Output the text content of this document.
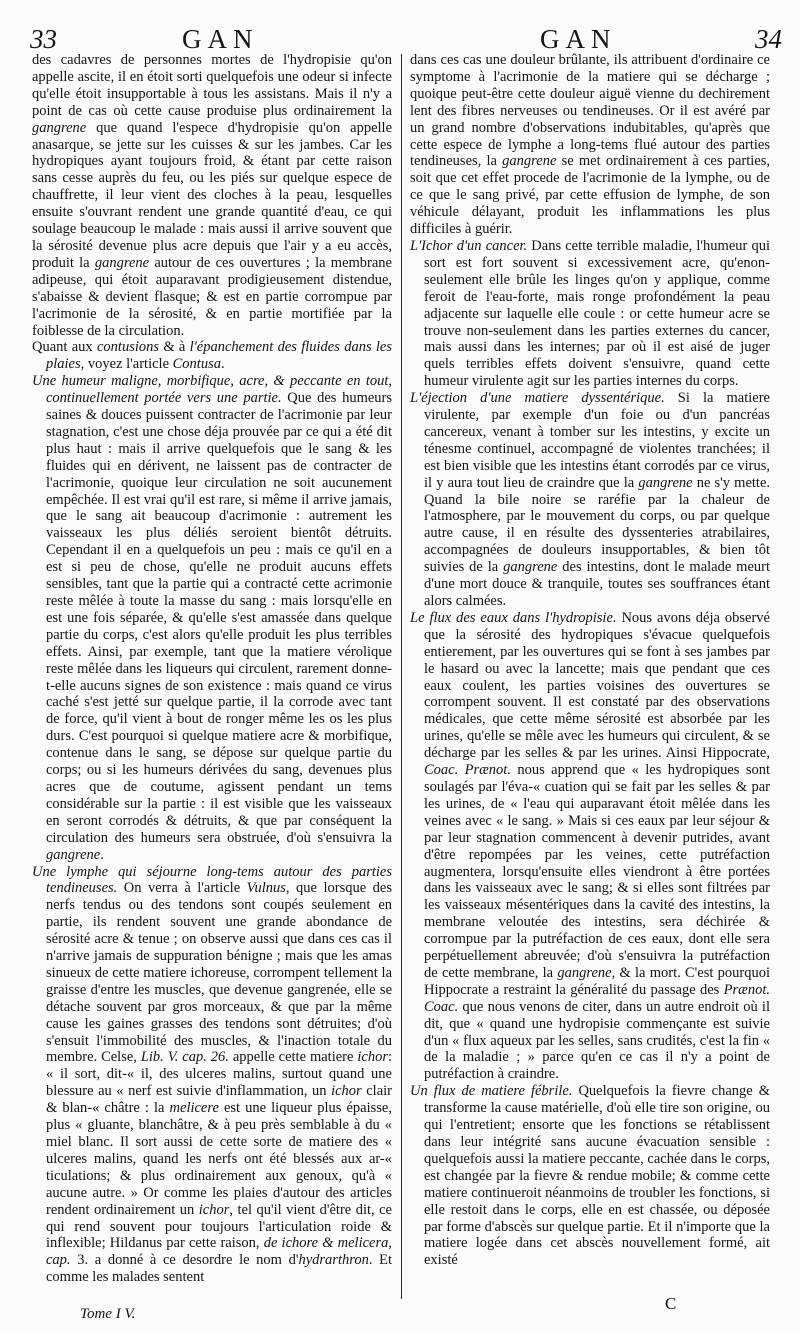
33	GAN	GAN	34

des cadavres de personnes mortes de l'hydropisie qu'on appelle ascite, il en étoit sorti quelquefois une odeur si infecte qu'elle étoit insupportable à tous les assistans. Mais il n'y a point de cas où cette cause produise plus ordinairement la gangrene que quand l'espece d'hydropisie qu'on appelle anasarque, se jette sur les cuisses & sur les jambes. Car les hydropiques ayant toujours froid, & étant par cette raison sans cesse auprès du feu, ou les piés sur quelque espece de chauffrette, il leur vient des cloches à la peau, lesquelles ensuite s'ouvrant rendent une grande quantité d'eau, ce qui soulage beaucoup le malade : mais aussi il arrive souvent que la sérosité devenue plus acre depuis que l'air y a eu accès, produit la gangrene autour de ces ouvertures ; la membrane adipeuse, qui étoit auparavant prodigieusement distendue, s'abaisse & devient flasque; & est en partie corrompue par l'acrimonie de la sérosité, & en partie mortifiée par la foiblesse de la circulation.

Quant aux contusions & à l'épanchement des fluides dans les plaies, voyez l'article Contusa.

Une humeur maligne, morbifique, acre, & peccante en tout, continuellement portée vers une partie. Que des humeurs saines & douces puissent contracter de l'acrimonie par leur stagnation, c'est une chose déja prouvée par ce qui a été dit plus haut : mais il arrive quelquefois que le sang & les fluides qui en dérivent, ne laissent pas de contracter de l'acrimonie, quoique leur circulation ne soit aucunement empêchée. Il est vrai qu'il est rare, si même il arrive jamais, que le sang ait beaucoup d'acrimonie : autrement les vaisseaux les plus déliés seroient bientôt détruits. Cependant il en a quelquefois un peu : mais ce qu'il en a est si peu de chose, qu'elle ne produit aucuns effets sensibles, tant que la partie qui a contracté cette acrimonie reste mêlée à toute la masse du sang : mais lorsqu'elle en est une fois séparée, & qu'elle s'est amassée dans quelque partie du corps, c'est alors qu'elle produit les plus terribles effets. Ainsi, par exemple, tant que la matiere vérolique reste mêlée dans les liqueurs qui circulent, rarement donne-t-elle aucuns signes de son existence : mais quand ce virus caché s'est jetté sur quelque partie, il la corrode avec tant de force, qu'il vient à bout de ronger même les os les plus durs. C'est pourquoi si quelque matiere acre & morbifique, contenue dans le sang, se dépose sur quelque partie du corps; ou si les humeurs dérivées du sang, devenues plus acres que de coutume, agissent pendant un tems considérable sur la partie : il est visible que les vaisseaux en seront corrodés & détruits, & que par conséquent la circulation des humeurs sera obstruée, d'où s'ensuivra la gangrene.

Une lymphe qui séjourne long-tems autour des parties tendineuses. On verra à l'article Vulnus, que lorsque des nerfs tendus ou des tendons sont coupés seulement en partie, ils rendent souvent une grande abondance de sérosité acre & tenue ; on observe aussi que dans ces cas il n'arrive jamais de suppuration bénigne ; mais que les amas sinueux de cette matiere ichoreuse, corrompent tellement la graisse d'entre les muscles, que devenue gangrenée, elle se détache souvent par gros morceaux, & que par la même cause les gaines grasses des tendons sont détruites; d'où s'ensuit l'immobilité des muscles, & l'inaction totale du membre. Celse, Lib. V. cap. 26. appelle cette matiere ichor: « il sort, dit-« il, des ulceres malins, surtout quand une blessure au « nerf est suivie d'inflammation, un ichor clair & blan-« châtre : la melicere est une liqueur plus épaisse, plus « gluante, blanchâtre, & à peu près semblable à du « miel blanc. Il sort aussi de cette sorte de matiere des « ulceres malins, quand les nerfs ont été blessés aux ar-« ticulations; & plus ordinairement aux genoux, qu'à « aucune autre. » Or comme les plaies d'autour des articles rendent ordinairement un ichor, tel qu'il vient d'être dit, ce qui rend souvent pour toujours l'articulation roide & inflexible; Hildanus par cette raison, de ichore & melicera, cap. 3. a donné à ce desordre le nom d'hydrarthron. Et comme les malades sentent

dans ces cas une douleur brûlante, ils attribuent d'ordinaire ce symptome à l'acrimonie de la matiere qui se décharge ; quoique peut-être cette douleur aiguë vienne du dechirement lent des fibres nerveuses ou tendineuses. Or il est avéré par un grand nombre d'observations indubitables, qu'après que cette espece de lymphe a long-tems flué autour des parties tendineuses, la gangrene se met ordinairement à ces parties, soit que cet effet procede de l'acrimonie de la lymphe, ou de ce que le sang privé, par cette effusion de lymphe, de son véhicule délayant, produit les inflammations les plus difficiles à guérir.

L'Ichor d'un cancer. Dans cette terrible maladie, l'humeur qui sort est fort souvent si excessivement acre, qu'enon-seulement elle brûle les linges qu'on y applique, comme feroit de l'eau-forte, mais ronge profondément la peau adjacente sur laquelle elle coule : or cette humeur acre se trouve non-seulement dans les parties externes du cancer, mais aussi dans les internes; par où il est aisé de juger quels terribles effets doivent s'ensuivre, quand cette humeur virulente agit sur les parties internes du corps.

L'éjection d'une matiere dyssentérique. Si la matiere virulente, par exemple d'un foie ou d'un pancréas cancereux, venant à tomber sur les intestins, y excite un ténesme continuel, accompagné de violentes tranchées; il est bien visible que les intestins étant corrodés par ce virus, il y aura tout lieu de craindre que la gangrene ne s'y mette. Quand la bile noire se raréfie par la chaleur de l'atmosphere, par le mouvement du corps, ou par quelque autre cause, il en résulte des dyssenteries atrabilaires, accompagnées de douleurs insupportables, & bien tôt suivies de la gangrene des intestins, dont le malade meurt d'une mort douce & tranquile, toutes ses souffrances étant alors calmées.

Le flux des eaux dans l'hydropisie. Nous avons déja observé que la sérosité des hydropiques s'évacue quelquefois entierement, par les ouvertures qui se font à ses jambes par le hasard ou avec la lancette; mais que pendant que ces eaux coulent, les parties voisines des ouvertures se corrompent souvent. Il est constaté par des observations médicales, que cette même sérosité est absorbée par les urines, qu'elle se mêle avec les humeurs qui circulent, & se décharge par les selles & par les urines. Ainsi Hippocrate, Coac. Prænot. nous apprend que « les hydropiques sont soulagés par l'éva-« cuation qui se fait par les selles & par les urines, de « l'eau qui auparavant étoit mêlée dans les veines avec « le sang. » Mais si ces eaux par leur séjour & par leur stagnation commencent à devenir putrides, avant d'être repompées par les veines, cette putréfaction augmentera, lorsqu'ensuite elles viendront à être portées dans les vaisseaux avec le sang; & si elles sont filtrées par les vaisseaux mésentériques dans la cavité des intestins, la membrane veloutée des intestins, sera déchirée & corrompue par la putréfaction de ces eaux, dont elle sera perpétuellement abreuvée; d'où s'ensuivra la putréfaction de cette membrane, la gangrene, & la mort. C'est pourquoi Hippocrate a restraint la généralité du passage des Prænot. Coac. que nous venons de citer, dans un autre endroit où il dit, que « quand une hydropisie commençante est suivie d'un « flux aqueux par les selles, sans crudités, c'est la fin « de la maladie ; » parce qu'en ce cas il n'y a point de putréfaction à craindre.

Un flux de matiere fébrile. Quelquefois la fievre change & transforme la cause matérielle, d'où elle tire son origine, ou qui l'entretient; ensorte que les fonctions se rétablissent dans leur intégrité sans aucune évacuation sensible : quelquefois aussi la matiere peccante, cachée dans le corps, est changée par la fievre & rendue mobile; & comme cette matiere continueroit néanmoins de troubler les fonctions, si elle restoit dans le corps, elle en est chassée, ou déposée par forme d'abscès sur quelque partie. Et il n'importe que la matiere logée dans cet abscès nouvellement formé, ait existé

Tome I V.
C
